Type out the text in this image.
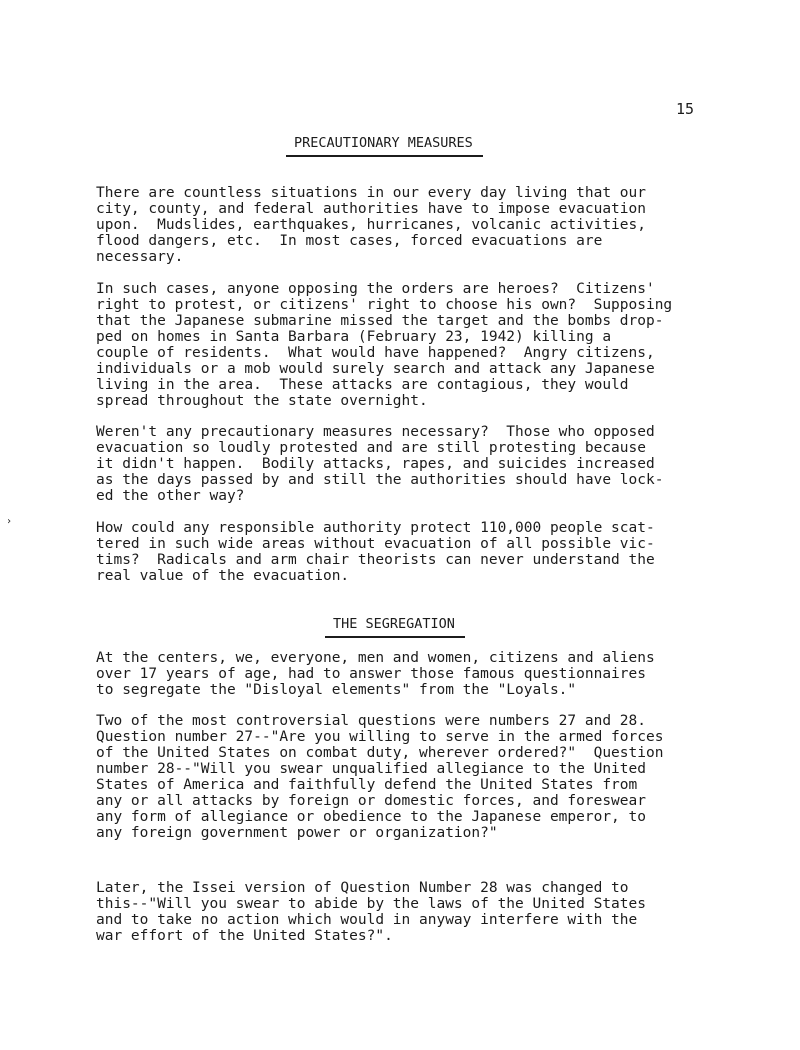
15
›
PRECAUTIONARY MEASURES
There are countless situations in our every day living that our
city, county, and federal authorities have to impose evacuation
upon.  Mudslides, earthquakes, hurricanes, volcanic activities,
flood dangers, etc.  In most cases, forced evacuations are
necessary.
In such cases, anyone opposing the orders are heroes?  Citizens'
right to protest, or citizens' right to choose his own?  Supposing
that the Japanese submarine missed the target and the bombs drop-
ped on homes in Santa Barbara (February 23, 1942) killing a
couple of residents.  What would have happened?  Angry citizens,
individuals or a mob would surely search and attack any Japanese
living in the area.  These attacks are contagious, they would
spread throughout the state overnight.
Weren't any precautionary measures necessary?  Those who opposed
evacuation so loudly protested and are still protesting because
it didn't happen.  Bodily attacks, rapes, and suicides increased
as the days passed by and still the authorities should have lock-
ed the other way?
How could any responsible authority protect 110,000 people scat-
tered in such wide areas without evacuation of all possible vic-
tims?  Radicals and arm chair theorists can never understand the
real value of the evacuation.
THE SEGREGATION
At the centers, we, everyone, men and women, citizens and aliens
over 17 years of age, had to answer those famous questionnaires
to segregate the "Disloyal elements" from the "Loyals."
Two of the most controversial questions were numbers 27 and 28.
Question number 27--"Are you willing to serve in the armed forces
of the United States on combat duty, wherever ordered?"  Question
number 28--"Will you swear unqualified allegiance to the United
States of America and faithfully defend the United States from
any or all attacks by foreign or domestic forces, and foreswear
any form of allegiance or obedience to the Japanese emperor, to
any foreign government power or organization?"
Later, the Issei version of Question Number 28 was changed to
this--"Will you swear to abide by the laws of the United States
and to take no action which would in anyway interfere with the
war effort of the United States?".
